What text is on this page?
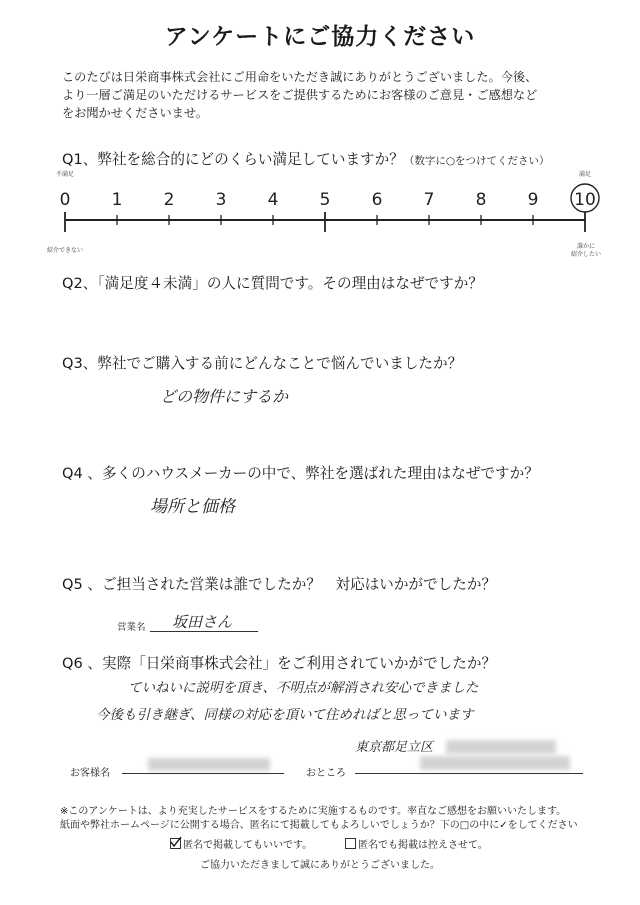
アンケートにご協力ください
このたびは日栄商事株式会社にご用命をいただき誠にありがとうございました。今後、
より一層ご満足のいただけるサービスをご提供するためにお客様のご意見・ご感想など
をお聞かせくださいませ。
Q1、弊社を総合的にどのくらい満足していますか？（数字に○をつけてください）
不満足
紹介できない
満足
誰かに
紹介したい
0 1 2 3 4 5 6 7 8 9 10
Q2、「満足度４未満」の人に質問です。その理由はなぜですか？
Q3、弊社でご購入する前にどんなことで悩んでいましたか？
どの物件にするか
Q4 、多くのハウスメーカーの中で、弊社を選ばれた理由はなぜですか？
場所と価格
Q5 、ご担当された営業は誰でしたか？　対応はいかがでしたか？
営業名 坂田さん
Q6 、実際「日栄商事株式会社」をご利用されていかがでしたか？
ていねいに説明を頂き、不明点が解消され安心できました
今後も引き継ぎ、同様の対応を頂いて住めればと思っています
東京都足立区
お客様名	おところ
※このアンケートは、より充実したサービスをするために実施するものです。率直なご感想をお願いいたします。
紙面や弊社ホームページに公開する場合、匿名にて掲載してもよろしいでしょうか？下の□の中に✓をしてください
匿名で掲載してもいいです。	匿名でも掲載は控えさせて。
ご協力いただきまして誠にありがとうございました。
